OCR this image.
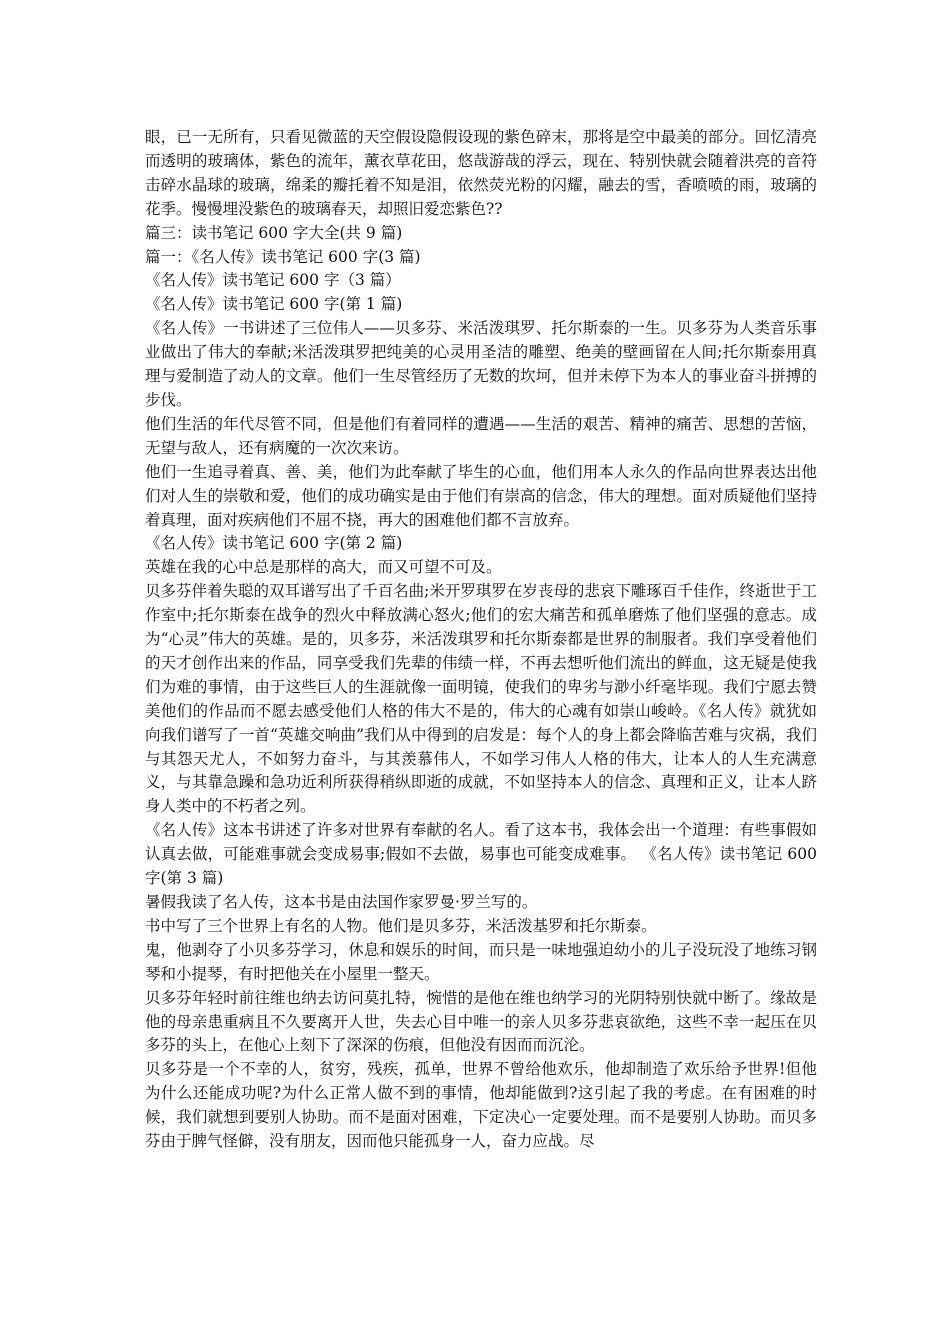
眼，已一无所有，只看见微蓝的天空假设隐假设现的紫色碎末，那将是空中最美的部分。回忆清亮而透明的玻璃体，紫色的流年，薰衣草花田，悠哉游哉的浮云，现在、特别快就会随着洪亮的音符击碎水晶球的玻璃，绵柔的瓣托着不知是泪，依然荧光粉的闪耀，融去的雪，香喷喷的雨，玻璃的花季。慢慢埋没紫色的玻璃春天，却照旧爱恋紫色??

篇三：读书笔记 600 字大全(共 9 篇)

篇一：《名人传》读书笔记 600 字(3 篇)

《名人传》读书笔记 600 字（3 篇）

《名人传》读书笔记 600 字(第 1 篇)

《名人传》一书讲述了三位伟人——贝多芬、米活泼琪罗、托尔斯泰的一生。贝多芬为人类音乐事业做出了伟大的奉献;米活泼琪罗把纯美的心灵用圣洁的雕塑、绝美的壁画留在人间;托尔斯泰用真理与爱制造了动人的文章。他们一生尽管经历了无数的坎坷，但并未停下为本人的事业奋斗拼搏的步伐。

他们生活的年代尽管不同，但是他们有着同样的遭遇——生活的艰苦、精神的痛苦、思想的苦恼，无望与敌人，还有病魔的一次次来访。

他们一生追寻着真、善、美，他们为此奉献了毕生的心血，他们用本人永久的作品向世界表达出他们对人生的崇敬和爱，他们的成功确实是由于他们有崇高的信念，伟大的理想。面对质疑他们坚持着真理，面对疾病他们不屈不挠，再大的困难他们都不言放弃。

《名人传》读书笔记 600 字(第 2 篇)

英雄在我的心中总是那样的高大，而又可望不可及。

贝多芬伴着失聪的双耳谱写出了千百名曲;米开罗琪罗在岁丧母的悲哀下雕琢百千佳作，终逝世于工作室中;托尔斯泰在战争的烈火中释放满心怒火;他们的宏大痛苦和孤单磨炼了他们坚强的意志。成为“心灵”伟大的英雄。是的，贝多芬，米活泼琪罗和托尔斯泰都是世界的制服者。我们享受着他们的天才创作出来的作品，同享受我们先辈的伟绩一样，不再去想听他们流出的鲜血，这无疑是使我们为难的事情，由于这些巨人的生涯就像一面明镜，使我们的卑劣与渺小纤毫毕现。我们宁愿去赞美他们的作品而不愿去感受他们人格的伟大不是的，伟大的心魂有如崇山峻岭。《名人传》就犹如向我们谱写了一首“英雄交响曲”我们从中得到的启发是：每个人的身上都会降临苦难与灾祸，我们与其怨天尤人，不如努力奋斗，与其羡慕伟人，不如学习伟人人格的伟大，让本人的人生充满意义，与其靠急躁和急功近利所获得稍纵即逝的成就，不如坚持本人的信念、真理和正义，让本人跻身人类中的不朽者之列。

《名人传》这本书讲述了许多对世界有奉献的名人。看了这本书，我体会出一个道理：有些事假如认真去做，可能难事就会变成易事;假如不去做，易事也可能变成难事。 《名人传》读书笔记 600 字(第 3 篇)

暑假我读了名人传，这本书是由法国作家罗曼·罗兰写的。

书中写了三个世界上有名的人物。他们是贝多芬，米活泼基罗和托尔斯泰。

鬼，他剥夺了小贝多芬学习，休息和娱乐的时间，而只是一味地强迫幼小的儿子没玩没了地练习钢琴和小提琴，有时把他关在小屋里一整天。

贝多芬年轻时前往维也纳去访问莫扎特，惋惜的是他在维也纳学习的光阴特别快就中断了。缘故是他的母亲患重病且不久要离开人世，失去心目中唯一的亲人贝多芬悲哀欲绝，这些不幸一起压在贝多芬的头上，在他心上刻下了深深的伤痕，但他没有因而而沉沦。

贝多芬是一个不幸的人，贫穷，残疾，孤单，世界不曾给他欢乐，他却制造了欢乐给予世界!但他为什么还能成功呢?为什么正常人做不到的事情，他却能做到?这引起了我的考虑。在有困难的时候，我们就想到要别人协助。而不是面对困难，下定决心一定要处理。而不是要别人协助。而贝多芬由于脾气怪僻，没有朋友，因而他只能孤身一人，奋力应战。尽
